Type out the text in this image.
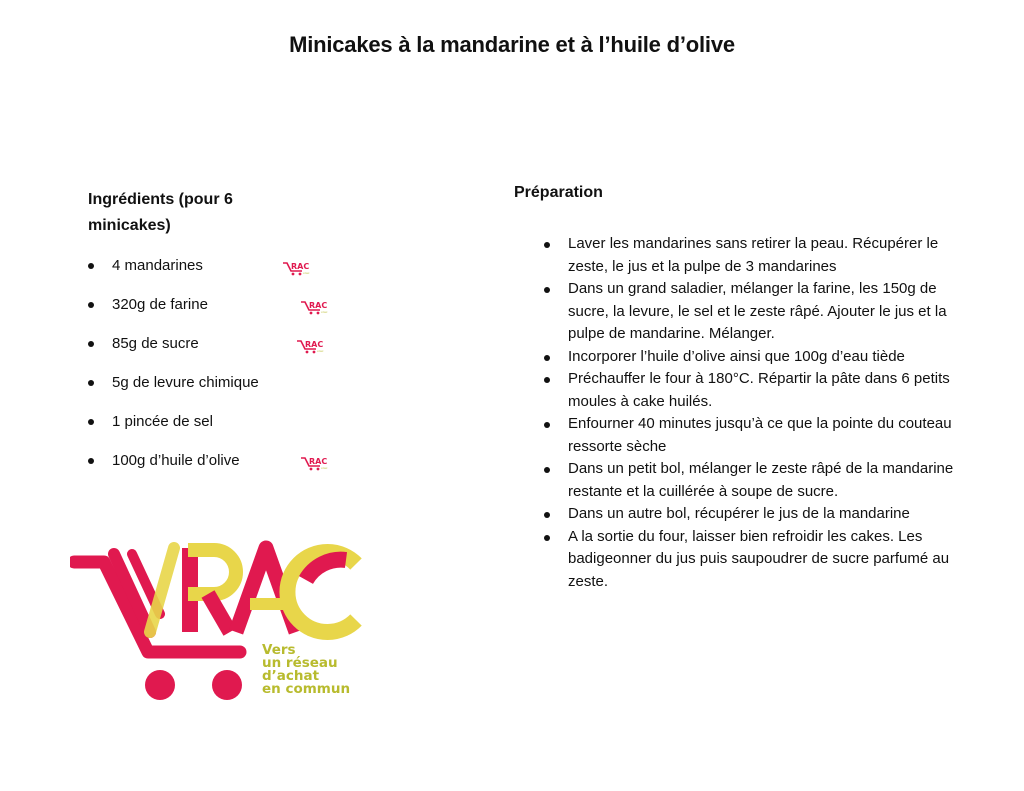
Minicakes à la mandarine et à l’huile d’olive
Ingrédients (pour 6 minicakes)
4 mandarines	RAC
vrac
320g de farine	RAC
vrac
85g de sucre	RAC
vrac
5g de levure chimique
1 pincée de sel
100g d’huile d’olive	RAC
vrac
Préparation
Laver les mandarines sans retirer la peau. Récupérer le zeste, le jus et la pulpe de 3 mandarines
Dans un grand saladier, mélanger la farine, les 150g de sucre, la levure, le sel et le zeste râpé. Ajouter le jus et la pulpe de mandarine. Mélanger.
Incorporer l’huile d’olive ainsi que 100g d’eau tiède
Préchauffer le four à 180°C. Répartir la pâte dans 6 petits moules à cake huilés.
Enfourner 40 minutes jusqu’à ce que la pointe du couteau ressorte sèche
Dans un petit bol, mélanger le zeste râpé de la mandarine restante et la cuillérée à soupe de sucre.
Dans un autre bol, récupérer le jus de la mandarine
A la sortie du four, laisser bien refroidir les cakes. Les badigeonner du jus puis saupoudrer de sucre parfumé au zeste.
Vers
un réseau
d’achat
en commun
